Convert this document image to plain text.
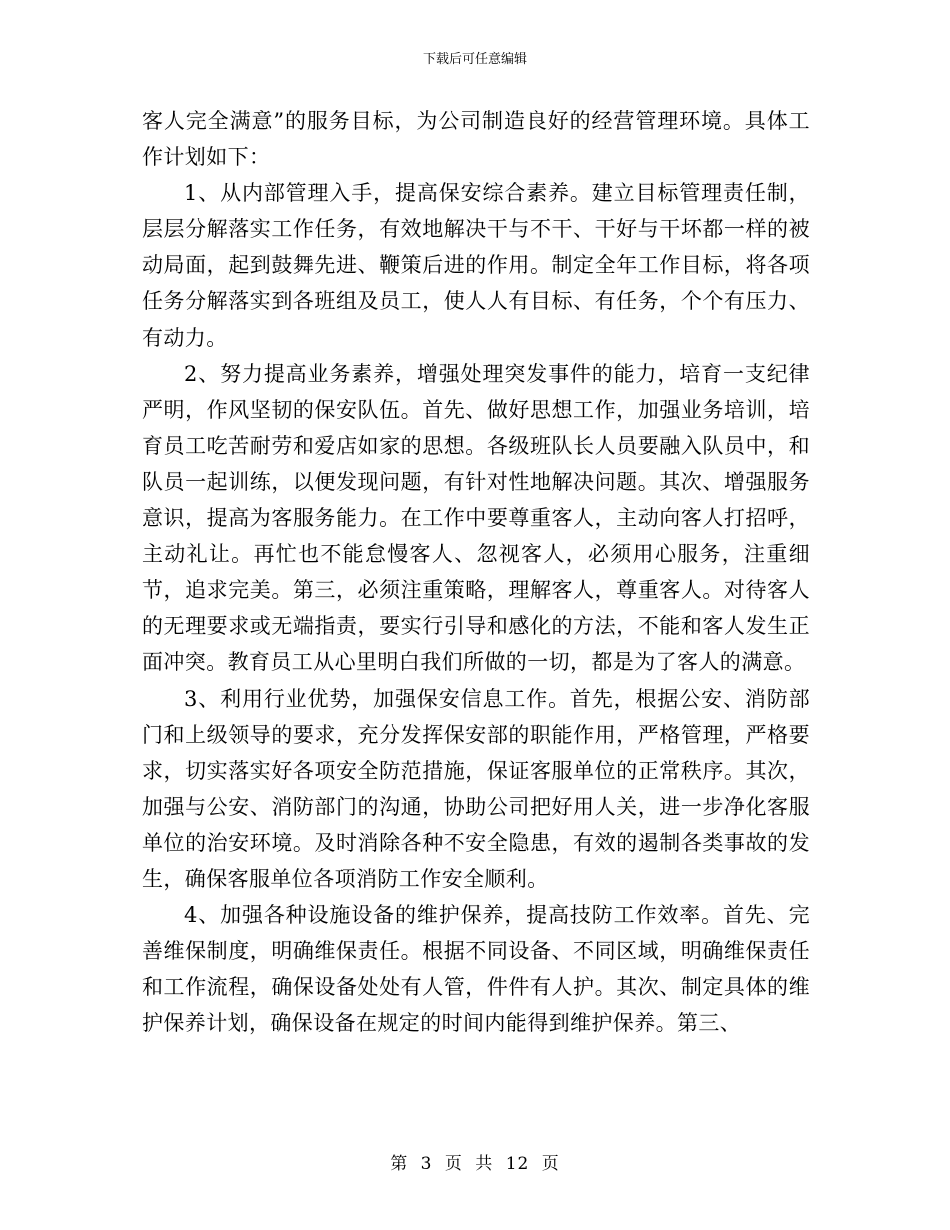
下载后可任意编辑

客人完全满意”的服务目标，为公司制造良好的经营管理环境。具体工作计划如下：

1、从内部管理入手，提高保安综合素养。建立目标管理责任制，层层分解落实工作任务，有效地解决干与不干、干好与干坏都一样的被动局面，起到鼓舞先进、鞭策后进的作用。制定全年工作目标，将各项任务分解落实到各班组及员工，使人人有目标、有任务，个个有压力、有动力。

2、努力提高业务素养，增强处理突发事件的能力，培育一支纪律严明，作风坚韧的保安队伍。首先、做好思想工作，加强业务培训，培育员工吃苦耐劳和爱店如家的思想。各级班队长人员要融入队员中，和队员一起训练，以便发现问题，有针对性地解决问题。其次、增强服务意识，提高为客服务能力。在工作中要尊重客人，主动向客人打招呼，主动礼让。再忙也不能怠慢客人、忽视客人，必须用心服务，注重细节，追求完美。第三，必须注重策略，理解客人，尊重客人。对待客人的无理要求或无端指责，要实行引导和感化的方法，不能和客人发生正面冲突。教育员工从心里明白我们所做的一切，都是为了客人的满意。

3、利用行业优势，加强保安信息工作。首先，根据公安、消防部门和上级领导的要求，充分发挥保安部的职能作用，严格管理，严格要求，切实落实好各项安全防范措施，保证客服单位的正常秩序。其次，加强与公安、消防部门的沟通，协助公司把好用人关，进一步净化客服单位的治安环境。及时消除各种不安全隐患，有效的遏制各类事故的发生，确保客服单位各项消防工作安全顺利。

4、加强各种设施设备的维护保养，提高技防工作效率。首先、完善维保制度，明确维保责任。根据不同设备、不同区域，明确维保责任和工作流程，确保设备处处有人管，件件有人护。其次、制定具体的维护保养计划，确保设备在规定的时间内能得到维护保养。第三、

第 3 页 共 12 页
